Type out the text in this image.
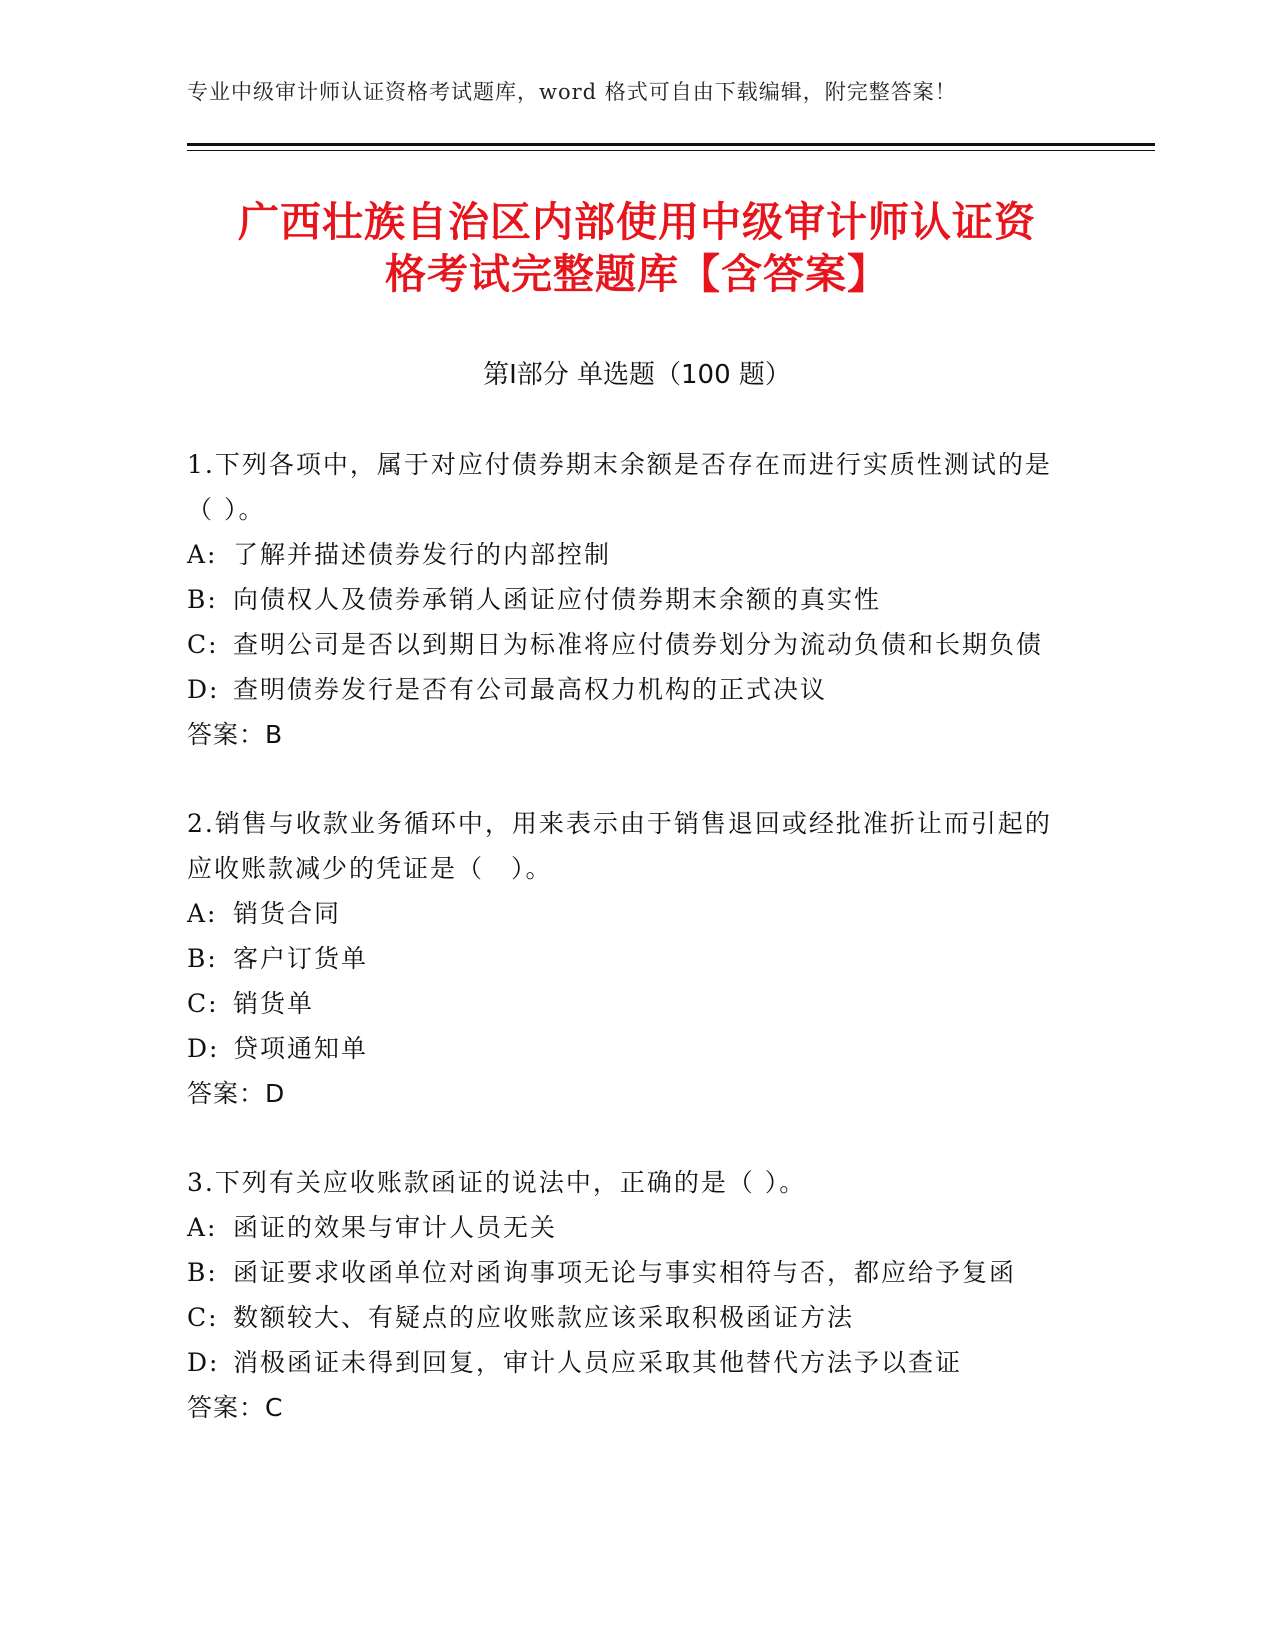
专业中级审计师认证资格考试题库，word 格式可自由下载编辑，附完整答案！
广西壮族自治区内部使用中级审计师认证资
格考试完整题库【含答案】
第Ⅰ部分 单选题（100 题）

1.下列各项中，属于对应付债券期末余额是否存在而进行实质性测试的是（ ）。

A: 了解并描述债券发行的内部控制

B: 向债权人及债券承销人函证应付债券期末余额的真实性

C: 查明公司是否以到期日为标准将应付债券划分为流动负债和长期负债

D: 查明债券发行是否有公司最高权力机构的正式决议

答案：B

2.销售与收款业务循环中，用来表示由于销售退回或经批准折让而引起的应收账款减少的凭证是（　）。

A: 销货合同

B: 客户订货单

C: 销货单

D: 贷项通知单

答案：D

3.下列有关应收账款函证的说法中，正确的是（ ）。

A: 函证的效果与审计人员无关

B: 函证要求收函单位对函询事项无论与事实相符与否，都应给予复函

C: 数额较大、有疑点的应收账款应该采取积极函证方法

D: 消极函证未得到回复，审计人员应采取其他替代方法予以查证

答案：C
